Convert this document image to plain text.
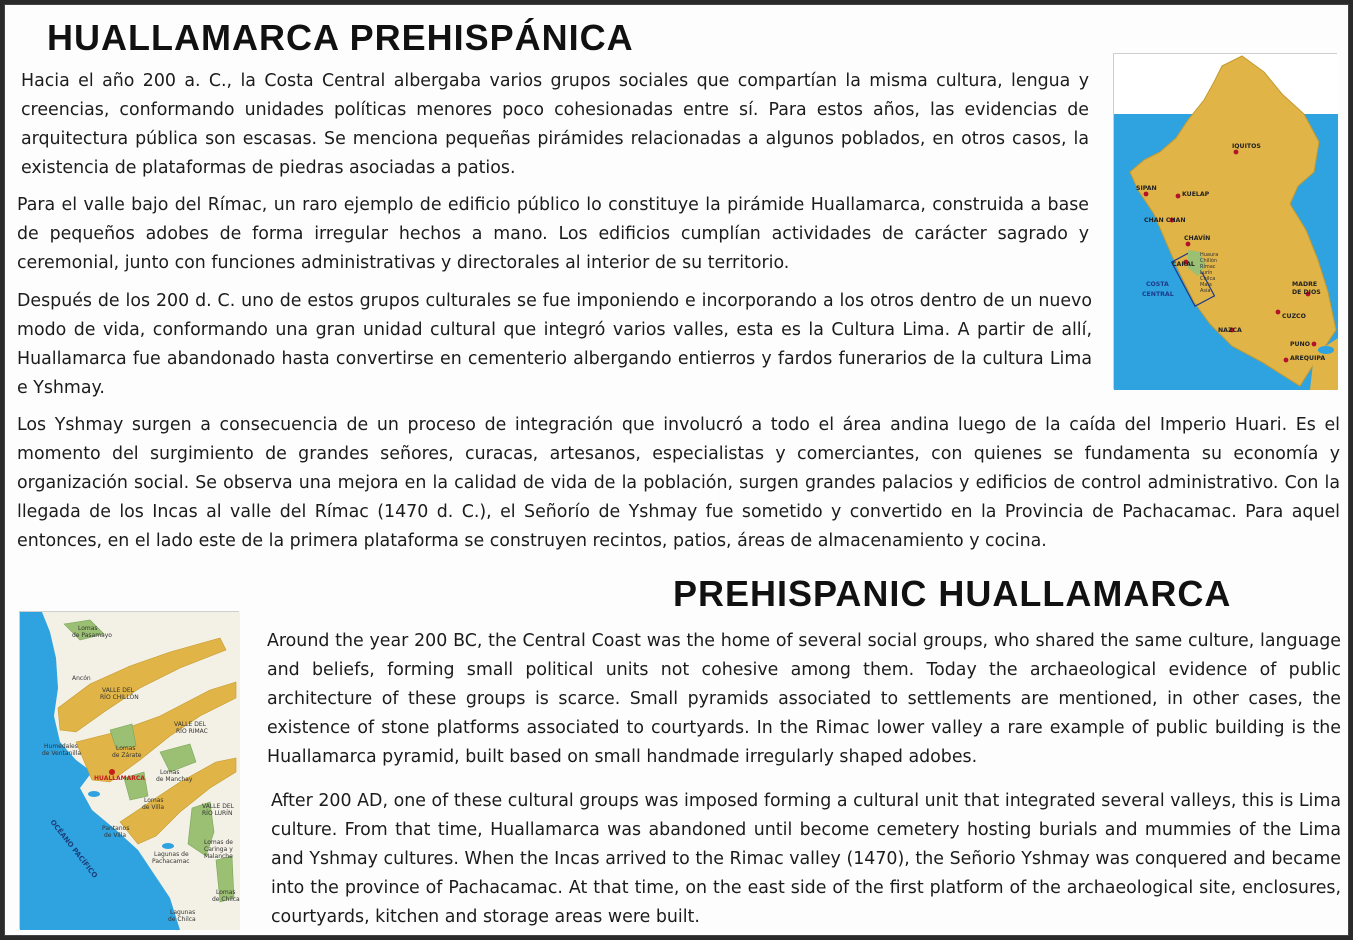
HUALLAMARCA PREHISPÁNICA

Hacia el año 200 a. C., la Costa Central albergaba varios grupos sociales que compartían la misma cultura, lengua y creencias, conformando unidades políticas menores poco cohesionadas entre sí. Para estos años, las evidencias de arquitectura pública son escasas. Se menciona pequeñas pirámides relacionadas a algunos poblados, en otros casos, la existencia de plataformas de piedras asociadas a patios.

Para el valle bajo del Rímac, un raro ejemplo de edificio público lo constituye la pirámide Huallamarca, construida a base de pequeños adobes de forma irregular hechos a mano. Los edificios cumplían actividades de carácter sagrado y ceremonial, junto con funciones administrativas y directorales al interior de su territorio.

Después de los 200 d. C. uno de estos grupos culturales se fue imponiendo e incorporando a los otros dentro de un nuevo modo de vida, conformando una gran unidad cultural que integró varios valles, esta es la Cultura Lima. A partir de allí, Huallamarca fue abandonado hasta convertirse en cementerio albergando entierros y fardos funerarios de la cultura Lima e Yshmay.

Los Yshmay surgen a consecuencia de un proceso de integración que involucró a todo el área andina luego de la caída del Imperio Huari. Es el momento del surgimiento de grandes señores, curacas, artesanos, especialistas y comerciantes, con quienes se fundamenta su economía y organización social. Se observa una mejora en la calidad de vida de la población, surgen grandes palacios y edificios de control administrativo. Con la llegada de los Incas al valle del Rímac (1470 d. C.), el Señorío de Yshmay fue sometido y convertido en la Provincia de Pachacamac. Para aquel entonces, en el lado este de la primera plataforma se construyen recintos, patios, áreas de almacenamiento y cocina.

IQUITOS
SIPAN
KUELAP
CHAN CHAN
CHAVÍN
CARAL
MADRE
DE DIOS
CUZCO
NAZCA
PUNO
AREQUIPA
Huaura
Chillón
Rímac
Lurín
Chilca
Mala
Asia
COSTA
CENTRAL
PREHISPANIC HUALLAMARCA
Lomas
de Pasamayo
Ancón
VALLE DEL
RÍO CHILLÓN
VALLE DEL
RÍO RIMAC
Humedales
de Ventanilla
Lomas
de Zárate
Lomas
de Manchay
Lomas
de Villa	VALLE DEL
RÍO LURÍN
Pantanos
de Villa
Lagunas de
Pachacamac
Lomas de
Caringa y
Malanche
Lomas
de Chilca
Lagunas
de Chilca
HUALLAMARCA
OCÉANO PACÍFICO

Around the year 200 BC, the Central Coast was the home of several social groups, who shared the same culture, language and beliefs, forming small political units not cohesive among them. Today the archaeological evidence of public architecture of these groups is scarce. Small pyramids associated to settlements are mentioned, in other cases, the existence of stone platforms associated to courtyards. In the Rimac lower valley a rare example of public building is the Huallamarca pyramid, built based on small handmade irregularly shaped adobes.

After 200 AD, one of these cultural groups was imposed forming a cultural unit that integrated several valleys, this is Lima culture. From that time, Huallamarca was abandoned until become cemetery hosting burials and mummies of the Lima and Yshmay cultures. When the Incas arrived to the Rimac valley (1470), the Señorio Yshmay was conquered and became into the province of Pachacamac. At that time, on the east side of the first platform of the archaeological site, enclosures, courtyards, kitchen and storage areas were built.
